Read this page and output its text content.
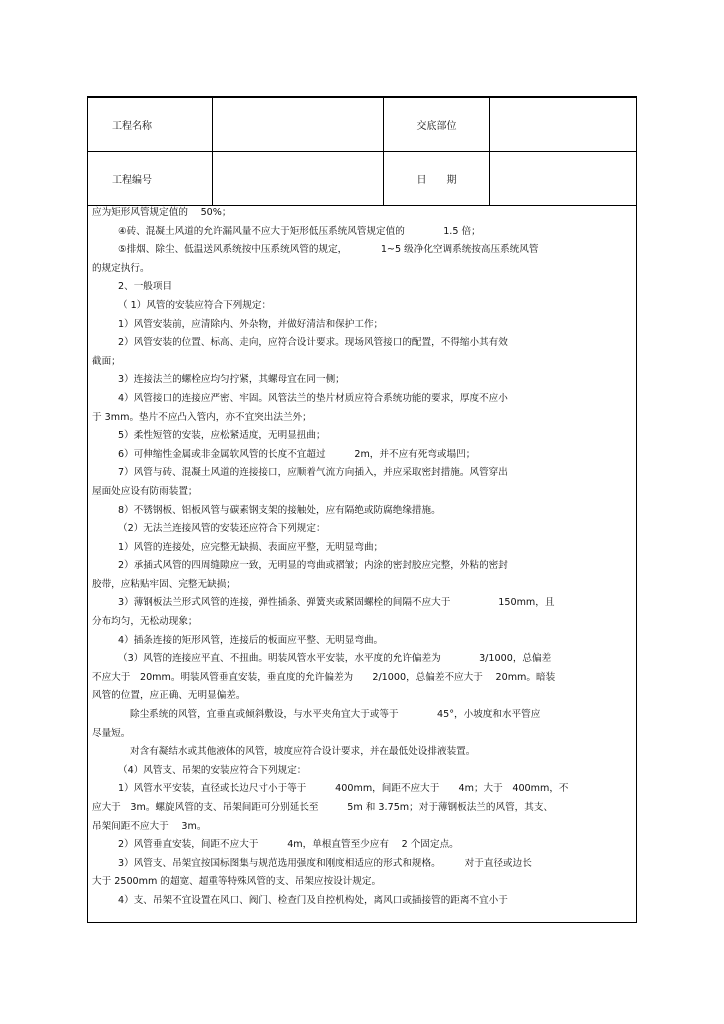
工程名称		交底部位	
工程编号		日　　期	
应为矩形风管规定值的　 50%；
④砖、混凝土风道的允许漏风量不应大于矩形低压系统风管规定值的　　　　1.5 倍；
⑤排烟、除尘、低温送风系统按中压系统风管的规定，　　　　1~5 级净化空调系统按高压系统风管
的规定执行。
2、一般项目
（ 1）风管的安装应符合下列规定：
1）风管安装前，应清除内、外杂物，并做好清洁和保护工作；
2）风管安装的位置、标高、走向，应符合设计要求。现场风管接口的配置，不得缩小其有效
截面；
3）连接法兰的螺栓应均匀拧紧，其螺母宜在同一侧；
4）风管接口的连接应严密、牢固。风管法兰的垫片材质应符合系统功能的要求，厚度不应小
于 3mm。垫片不应凸入管内，亦不宜突出法兰外；
5）柔性短管的安装，应松紧适度，无明显扭曲；
6）可伸缩性金属或非金属软风管的长度不宜超过　　　2m，并不应有死弯或塌凹；
7）风管与砖、混凝土风道的连接接口，应顺着气流方向插入，并应采取密封措施。风管穿出
屋面处应设有防雨装置；
8）不锈钢板、铝板风管与碳素钢支架的接触处，应有隔绝或防腐绝缘措施。
（2）无法兰连接风管的安装还应符合下列规定：
1）风管的连接处，应完整无缺损、表面应平整，无明显弯曲；
2）承插式风管的四周缝隙应一致，无明显的弯曲或褶皱；内涂的密封胶应完整，外粘的密封
胶带，应粘贴牢固、完整无缺损；
3）薄钢板法兰形式风管的连接，弹性插条、弹簧夹或紧固螺栓的间隔不应大于　　　　　150mm，且
分布均匀，无松动现象；
4）插条连接的矩形风管，连接后的板面应平整、无明显弯曲。
（3）风管的连接应平直、不扭曲。明装风管水平安装，水平度的允许偏差为　　　　3/1000，总偏差
不应大于　20mm。明装风管垂直安装，垂直度的允许偏差为　　2/1000，总偏差不应大于　 20mm。暗装
风管的位置，应正确、无明显偏差。
除尘系统的风管，宜垂直或倾斜敷设，与水平夹角宜大于或等于　　　　45°，小坡度和水平管应
尽量短。
对含有凝结水或其他液体的风管，坡度应符合设计要求，并在最低处设排液装置。
（4）风管支、吊架的安装应符合下列规定：
1）风管水平安装，直径或长边尺寸小于等于　　　400mm，间距不应大于　　4m；大于　400mm，不
应大于　3m。螺旋风管的支、吊架间距可分别延长至　　　5m 和 3.75m；对于薄钢板法兰的风管，其支、
吊架间距不应大于　 3m。
2）风管垂直安装，间距不应大于　　　4m，单根直管至少应有　 2 个固定点。
3）风管支、吊架宜按国标图集与规范选用强度和刚度相适应的形式和规格。　　　对于直径或边长
大于 2500mm 的超宽、超重等特殊风管的支、吊架应按设计规定。
4）支、吊架不宜设置在风口、阀门、检查门及自控机构处，离风口或插接管的距离不宜小于
